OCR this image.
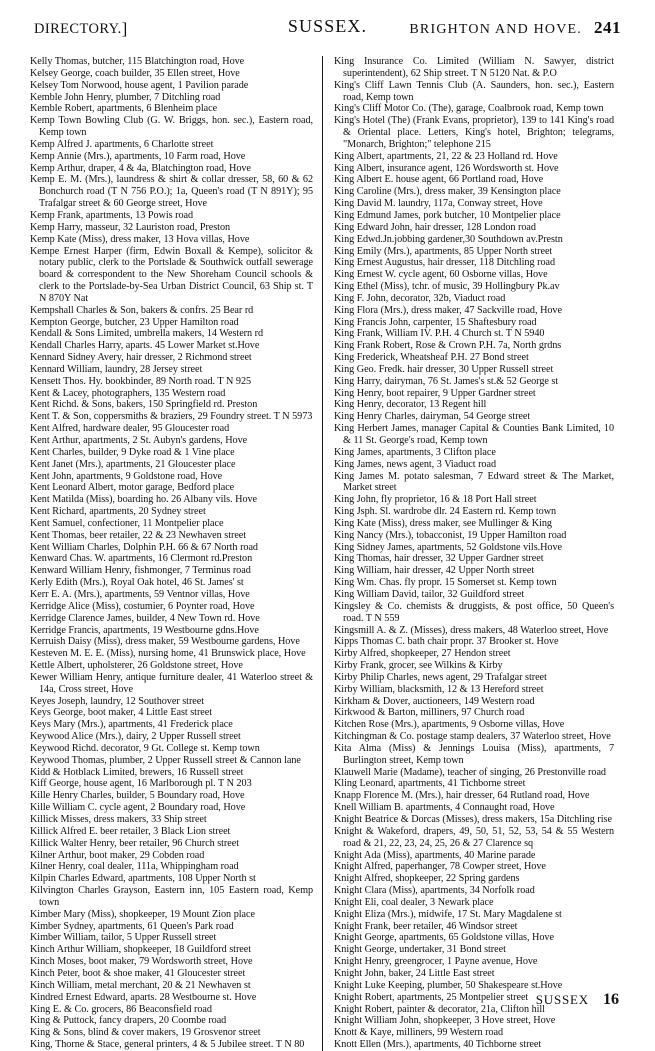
DIRECTORY.]	SUSSEX.	BRIGHTON AND HOVE. 241

Kelly Thomas, butcher, 115 Blatchington road, Hove

Kelsey George, coach builder, 35 Ellen street, Hove

Kelsey Tom Norwood, house agent, 1 Pavilion parade

Kemble John Henry, plumber, 7 Ditchling road

Kemble Robert, apartments, 6 Blenheim place

Kemp Town Bowling Club (G. W. Briggs, hon. sec.), Eastern road, Kemp town

Kemp Alfred J. apartments, 6 Charlotte street

Kemp Annie (Mrs.), apartments, 10 Farm road, Hove

Kemp Arthur, draper, 4 & 4a, Blatchington road, Hove

Kemp E. M. (Mrs.), laundress & shirt & collar dresser, 58, 60 & 62 Bonchurch road (T N 756 P.O.); 1a, Queen's road (T N 891Y); 95 Trafalgar street & 60 George street, Hove

Kemp Frank, apartments, 13 Powis road

Kemp Harry, masseur, 32 Lauriston road, Preston

Kemp Kate (Miss), dress maker, 13 Hova villas, Hove

Kempe Ernest Harper (firm, Edwin Boxall & Kempe), solicitor & notary public, clerk to the Portslade & Southwick outfall sewerage board & correspondent to the New Shoreham Council schools & clerk to the Portslade-by-Sea Urban District Council, 63 Ship st. T N 870Y Nat

Kempshall Charles & Son, bakers & confrs. 25 Bear rd

Kempton George, butcher, 23 Upper Hamilton road

Kendall & Sons Limited, umbrella makers, 14 Western rd

Kendall Charles Harry, aparts. 45 Lower Market st.Hove

Kennard Sidney Avery, hair dresser, 2 Richmond street

Kennard William, laundry, 28 Jersey street

Kensett Thos. Hy. bookbinder, 89 North road. T N 925

Kent & Lacey, photographers, 135 Western road

Kent Richd. & Sons, bakers, 150 Springfield rd. Preston

Kent T. & Son, coppersmiths & braziers, 29 Foundry street. T N 5973

Kent Alfred, hardware dealer, 95 Gloucester road

Kent Arthur, apartments, 2 St. Aubyn's gardens, Hove

Kent Charles, builder, 9 Dyke road & 1 Vine place

Kent Janet (Mrs.), apartments, 21 Gloucester place

Kent John, apartments, 9 Goldstone road, Hove

Kent Leonard Albert, motor garage, Bedford place

Kent Matilda (Miss), boarding ho. 26 Albany vils. Hove

Kent Richard, apartments, 20 Sydney street

Kent Samuel, confectioner, 11 Montpelier place

Kent Thomas, beer retailer, 22 & 23 Newhaven street

Kent William Charles, Dolphin P.H. 66 & 67 North road

Kenward Chas. W. apartments, 16 Clermont rd.Preston

Kenward William Henry, fishmonger, 7 Terminus road

Kerly Edith (Mrs.), Royal Oak hotel, 46 St. James' st

Kerr E. A. (Mrs.), apartments, 59 Ventnor villas, Hove

Kerridge Alice (Miss), costumier, 6 Poynter road, Hove

Kerridge Clarence James, builder, 4 New Town rd. Hove

Kerridge Francis, apartments, 19 Westbourne gdns.Hove

Kerruish Daisy (Miss), dress maker, 59 Westbourne gardens, Hove

Kesteven M. E. E. (Miss), nursing home, 41 Brunswick place, Hove

Kettle Albert, upholsterer, 26 Goldstone street, Hove

Kewer William Henry, antique furniture dealer, 41 Waterloo street & 14a, Cross street, Hove

Keyes Joseph, laundry, 12 Southover street

Keys George, boot maker, 4 Little East street

Keys Mary (Mrs.), apartments, 41 Frederick place

Keywood Alice (Mrs.), dairy, 2 Upper Russell street

Keywood Richd. decorator, 9 Gt. College st. Kemp town

Keywood Thomas, plumber, 2 Upper Russell street & Cannon lane

Kidd & Hotblack Limited, brewers, 16 Russell street

Kiff George, house agent, 16 Marlborough pl. T N 203

Kille Henry Charles, builder, 5 Boundary road, Hove

Kille William C. cycle agent, 2 Boundary road, Hove

Killick Misses, dress makers, 33 Ship street

Killick Alfred E. beer retailer, 3 Black Lion street

Killick Walter Henry, beer retailer, 96 Church street

Kilner Arthur, boot maker, 29 Cobden road

Kilner Henry, coal dealer, 111a, Whippingham road

Kilpin Charles Edward, apartments, 108 Upper North st

Kilvington Charles Grayson, Eastern inn, 105 Eastern road, Kemp town

Kimber Mary (Miss), shopkeeper, 19 Mount Zion place

Kimber Sydney, apartments, 61 Queen's Park road

Kimber William, tailor, 5 Upper Russell street

Kinch Arthur William, shopkeeper, 18 Guildford street

Kinch Moses, boot maker, 79 Wordsworth street, Hove

Kinch Peter, boot & shoe maker, 41 Gloucester street

Kinch William, metal merchant, 20 & 21 Newhaven st

Kindred Ernest Edward, aparts. 28 Westbourne st. Hove

King E. & Co. grocers, 86 Beaconsfield road

King & Puttock, fancy drapers, 20 Coombe road

King & Sons, blind & cover makers, 19 Grosvenor street

King, Thorne & Stace, general printers, 4 & 5 Jubilee street. T N 80

King Insurance Co. Limited (William N. Sawyer, district superintendent), 62 Ship street. T N 5120 Nat. & P.O

King's Cliff Lawn Tennis Club (A. Saunders, hon. sec.), Eastern road, Kemp town

King's Cliff Motor Co. (The), garage, Coalbrook road, Kemp town

King's Hotel (The) (Frank Evans, proprietor), 139 to 141 King's road & Oriental place. Letters, King's hotel, Brighton; telegrams, "Monarch, Brighton;" telephone 215

King Albert, apartments, 21, 22 & 23 Holland rd. Hove

King Albert, insurance agent, 126 Wordsworth st. Hove

King Albert E. house agent, 66 Portland road, Hove

King Caroline (Mrs.), dress maker, 39 Kensington place

King David M. laundry, 117a, Conway street, Hove

King Edmund James, pork butcher, 10 Montpelier place

King Edward John, hair dresser, 128 London road

King Edwd.Jn.jobbing gardener,30 Southdown av.Prestn

King Emily (Mrs.), apartments, 85 Upper North street

King Ernest Augustus, hair dresser, 118 Ditchling road

King Ernest W. cycle agent, 60 Osborne villas, Hove

King Ethel (Miss), tchr. of music, 39 Hollingbury Pk.av

King F. John, decorator, 32b, Viaduct road

King Flora (Mrs.), dress maker, 47 Sackville road, Hove

King Francis John, carpenter, 15 Shaftesbury road

King Frank, William IV. P.H. 4 Church st. T N 5940

King Frank Robert, Rose & Crown P.H. 7a, North grdns

King Frederick, Wheatsheaf P.H. 27 Bond street

King Geo. Fredk. hair dresser, 30 Upper Russell street

King Harry, dairyman, 76 St. James's st.& 52 George st

King Henry, boot repairer, 9 Upper Gardner street

King Henry, decorator, 13 Regent hill

King Henry Charles, dairyman, 54 George street

King Herbert James, manager Capital & Counties Bank Limited, 10 & 11 St. George's road, Kemp town

King James, apartments, 3 Clifton place

King James, news agent, 3 Viaduct road

King James M. potato salesman, 7 Edward street & The Market, Market street

King John, fly proprietor, 16 & 18 Port Hall street

King Jsph. Sl. wardrobe dlr. 24 Eastern rd. Kemp town

King Kate (Miss), dress maker, see Mullinger & King

King Nancy (Mrs.), tobacconist, 19 Upper Hamilton road

King Sidney James, apartments, 52 Goldstone vils.Hove

King Thomas, hair dresser, 32 Upper Gardner street

King William, hair dresser, 42 Upper North street

King Wm. Chas. fly propr. 15 Somerset st. Kemp town

King William David, tailor, 32 Guildford street

Kingsley & Co. chemists & druggists, & post office, 50 Queen's road. T N 559

Kingsmill A. & Z. (Misses), dress makers, 48 Waterloo street, Hove

Kipps Thomas C. bath chair propr. 37 Brooker st. Hove

Kirby Alfred, shopkeeper, 27 Hendon street

Kirby Frank, grocer, see Wilkins & Kirby

Kirby Philip Charles, news agent, 29 Trafalgar street

Kirby William, blacksmith, 12 & 13 Hereford street

Kirkham & Dover, auctioneers, 149 Western road

Kirkwood & Barton, milliners, 97 Church road

Kitchen Rose (Mrs.), apartments, 9 Osborne villas, Hove

Kitchingman & Co. postage stamp dealers, 37 Waterloo street, Hove

Kita Alma (Miss) & Jennings Louisa (Miss), apartments, 7 Burlington street, Kemp town

Klauwell Marie (Madame), teacher of singing, 26 Prestonville road

Kling Leonard, apartments, 41 Tichborne street

Knapp Florence M. (Mrs.), hair dresser, 64 Rutland road, Hove

Knell William B. apartments, 4 Connaught road, Hove

Knight Beatrice & Dorcas (Misses), dress makers, 15a Ditchling rise

Knight & Wakeford, drapers, 49, 50, 51, 52, 53, 54 & 55 Western road & 21, 22, 23, 24, 25, 26 & 27 Clarence sq

Knight Ada (Miss), apartments, 40 Marine parade

Knight Alfred, paperhanger, 78 Cowper street, Hove

Knight Alfred, shopkeeper, 22 Spring gardens

Knight Clara (Miss), apartments, 34 Norfolk road

Knight Eli, coal dealer, 3 Newark place

Knight Eliza (Mrs.), midwife, 17 St. Mary Magdalene st

Knight Frank, beer retailer, 46 Windsor street

Knight George, apartments, 65 Goldstone villas, Hove

Knight George, undertaker, 31 Bond street

Knight Henry, greengrocer, 1 Payne avenue, Hove

Knight John, baker, 24 Little East street

Knight Luke Keeping, plumber, 50 Shakespeare st.Hove

Knight Robert, apartments, 25 Montpelier street

Knight Robert, painter & decorator, 21a, Clifton hill

Knight William John, shopkeeper, 3 Hove street, Hove

Knott & Kaye, milliners, 99 Western road

Knott Ellen (Mrs.), apartments, 40 Tichborne street

SUSSEX 16
